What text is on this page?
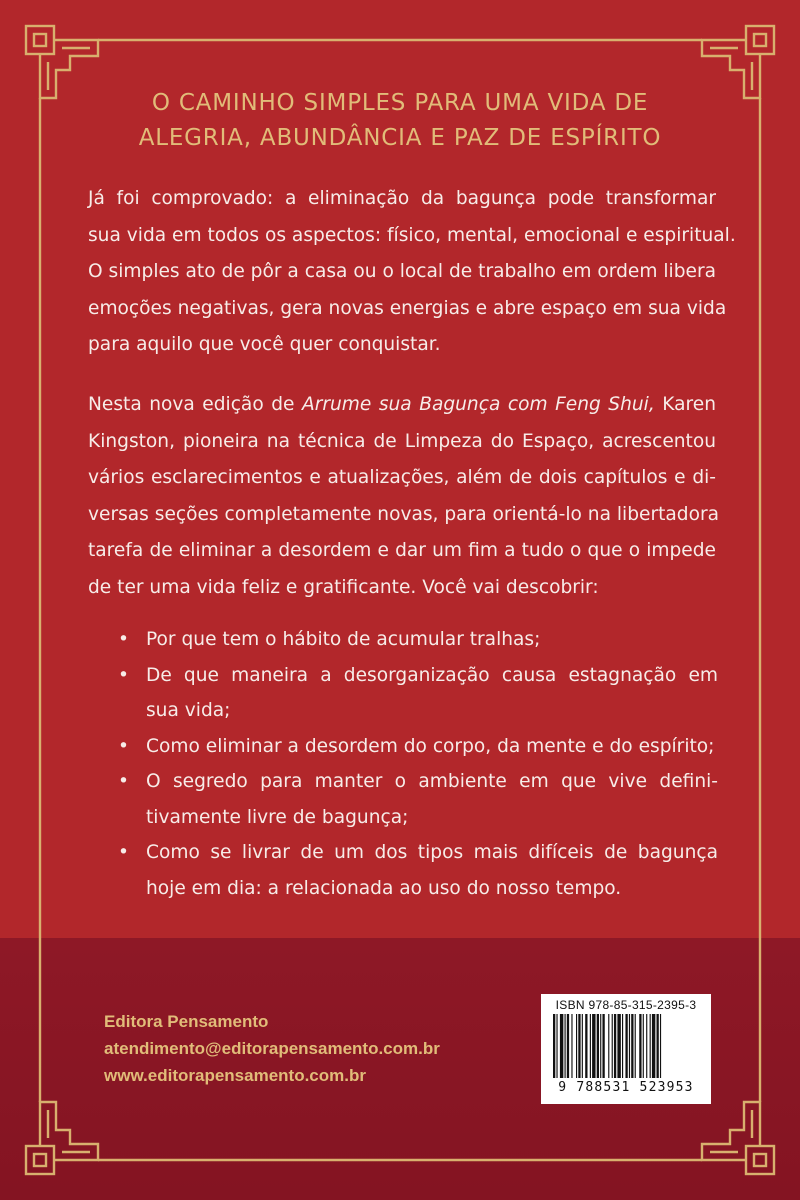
O CAMINHO SIMPLES PARA UMA VIDA DE
ALEGRIA, ABUNDÂNCIA E PAZ DE ESPÍRITO

Já foi comprovado: a eliminação da bagunça pode transformar
sua vida em todos os aspectos: físico, mental, emocional e espiritual.
O simples ato de pôr a casa ou o local de trabalho em ordem libera
emoções negativas, gera novas energias e abre espaço em sua vida
para aquilo que você quer conquistar.

Nesta nova edição de Arrume sua Bagunça com Feng Shui, Karen
Kingston, pioneira na técnica de Limpeza do Espaço, acrescentou
vários esclarecimentos e atualizações, além de dois capítulos e di-
versas seções completamente novas, para orientá-lo na libertadora
tarefa de eliminar a desordem e dar um fim a tudo o que o impede
de ter uma vida feliz e gratificante. Você vai descobrir:

• Por que tem o hábito de acumular tralhas;
• De que maneira a desorganização causa estagnação em
sua vida;
• Como eliminar a desordem do corpo, da mente e do espírito;
• O segredo para manter o ambiente em que vive defini-
tivamente livre de bagunça;
• Como se livrar de um dos tipos mais difíceis de bagunça
hoje em dia: a relacionada ao uso do nosso tempo.
Editora Pensamento
atendimento@editorapensamento.com.br
www.editorapensamento.com.br
ISBN 978-85-315-2395-3
9 788531 523953
